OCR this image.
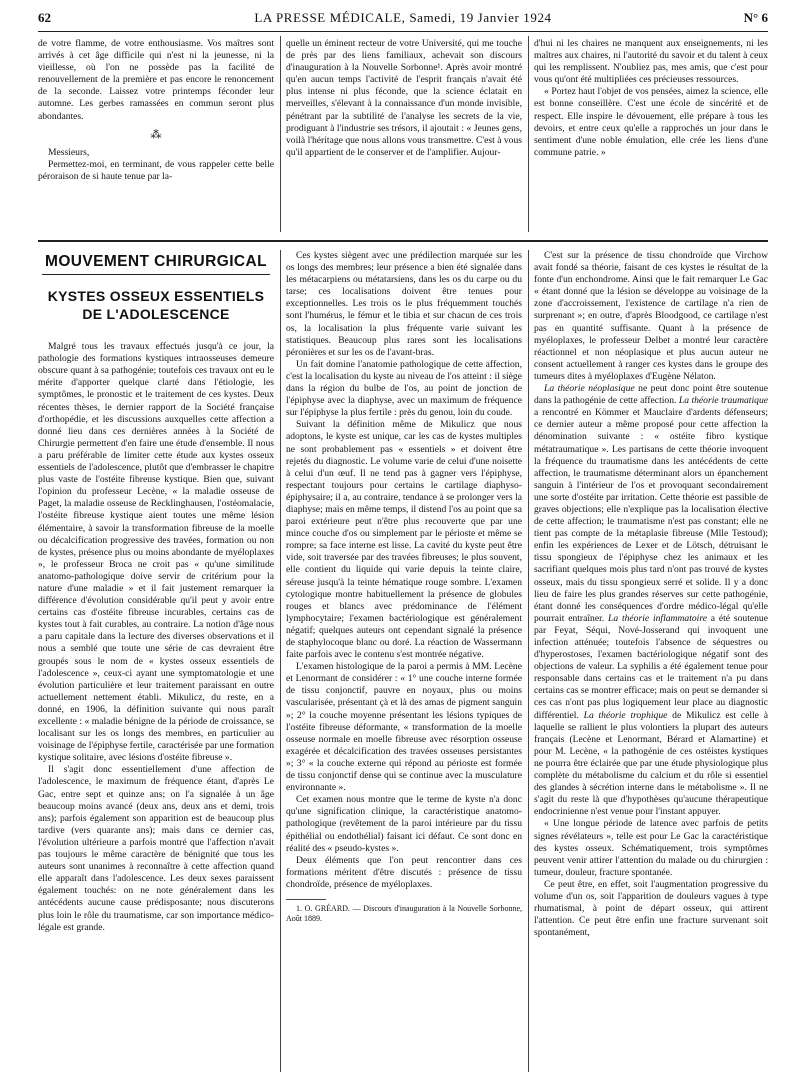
62	LA PRESSE MÉDICALE, Samedi, 19 Janvier 1924	N° 6

de votre flamme, de votre enthousiasme. Vos maîtres sont arrivés à cet âge difficile qui n'est ni la jeunesse, ni la vieillesse, où l'on ne possède pas la facilité de renouvellement de la première et pas encore le renoncement de la seconde. Laissez votre printemps féconder leur automne. Les gerbes ramassées en commun seront plus abondantes.

⁂

Messieurs,

Permettez-moi, en terminant, de vous rappeler cette belle péroraison de si haute tenue par la-

quelle un éminent recteur de votre Université, qui me touche de près par des liens familiaux, achevait son discours d'inauguration à la Nouvelle Sorbonne¹. Après avoir montré qu'en aucun temps l'activité de l'esprit français n'avait été plus intense ni plus féconde, que la science éclatait en merveilles, s'élevant à la connaissance d'un monde invisible, pénétrant par la subtilité de l'analyse les secrets de la vie, prodiguant à l'industrie ses trésors, il ajoutait : « Jeunes gens, voilà l'héritage que nous allons vous transmettre. C'est à vous qu'il appartient de le conserver et de l'amplifier. Aujour-

d'hui ni les chaires ne manquent aux enseignements, ni les maîtres aux chaires, ni l'autorité du savoir et du talent à ceux qui les remplissent. N'oubliez pas, mes amis, que c'est pour vous qu'ont été multipliées ces précieuses ressources.

« Portez haut l'objet de vos pensées, aimez la science, elle est bonne conseillère. C'est une école de sincérité et de respect. Elle inspire le dévouement, elle prépare à tous les devoirs, et entre ceux qu'elle a rapprochés un jour dans le sentiment d'une noble émulation, elle crée les liens d'une commune patrie. »

MOUVEMENT CHIRURGICAL
KYSTES OSSEUX ESSENTIELS
DE L'ADOLESCENCE

Malgré tous les travaux effectués jusqu'à ce jour, la pathologie des formations kystiques intraosseuses demeure obscure quant à sa pathogénie; toutefois ces travaux ont eu le mérite d'apporter quelque clarté dans l'étiologie, les symptômes, le pronostic et le traitement de ces kystes. Deux récentes thèses, le dernier rapport de la Société française d'orthopédie, et les discussions auxquelles cette affection a donné lieu dans ces dernières années à la Société de Chirurgie permettent d'en faire une étude d'ensemble. Il nous a paru préférable de limiter cette étude aux kystes osseux essentiels de l'adolescence, plutôt que d'embrasser le chapitre plus vaste de l'ostéite fibreuse kystique. Bien que, suivant l'opinion du professeur Lecène, « la maladie osseuse de Paget, la maladie osseuse de Recklinghausen, l'ostéomalacie, l'ostéite fibreuse kystique aient toutes une même lésion élémentaire, à savoir la transformation fibreuse de la moelle ou décalcification progressive des travées, formation ou non de kystes, présence plus ou moins abondante de myéloplaxes », le professeur Broca ne croit pas « qu'une similitude anatomo-pathologique doive servir de critérium pour la nature d'une maladie » et il fait justement remarquer la différence d'évolution considérable qu'il peut y avoir entre certains cas d'ostéite fibreuse incurables, certains cas de kystes tout à fait curables, au contraire. La notion d'âge nous a paru capitale dans la lecture des diverses observations et il nous a semblé que toute une série de cas devraient être groupés sous le nom de « kystes osseux essentiels de l'adolescence », ceux-ci ayant une symptomatologie et une évolution particulière et leur traitement paraissant en outre actuellement nettement établi. Mikulicz, du reste, en a donné, en 1906, la définition suivante qui nous paraît excellente : « maladie bénigne de la période de croissance, se localisant sur les os longs des membres, en particulier au voisinage de l'épiphyse fertile, caractérisée par une formation kystique solitaire, avec lésions d'ostéite fibreuse ».

Il s'agit donc essentiellement d'une affection de l'adolescence, le maximum de fréquence étant, d'après Le Gac, entre sept et quinze ans; on l'a signalée à un âge beaucoup moins avancé (deux ans, deux ans et demi, trois ans); parfois également son apparition est de beaucoup plus tardive (vers quarante ans); mais dans ce dernier cas, l'évolution ultérieure a parfois montré que l'affection n'avait pas toujours le même caractère de bénignité que tous les auteurs sont unanimes à reconnaître à cette affection quand elle apparaît dans l'adolescence. Les deux sexes paraissent également touchés: on ne note généralement dans les antécédents aucune cause prédisposante; nous discuterons plus loin le rôle du traumatisme, car son importance médico-légale est grande.

Ces kystes siègent avec une prédilection marquée sur les os longs des membres; leur présence a bien été signalée dans les métacarpiens ou métatarsiens, dans les os du carpe ou du tarse; ces localisations doivent être tenues pour exceptionnelles. Les trois os le plus fréquemment touchés sont l'humérus, le fémur et le tibia et sur chacun de ces trois os, la localisation la plus fréquente varie suivant les statistiques. Beaucoup plus rares sont les localisations péronières et sur les os de l'avant-bras.

Un fait domine l'anatomie pathologique de cette affection, c'est la localisation du kyste au niveau de l'os atteint : il siège dans la région du bulbe de l'os, au point de jonction de l'épiphyse avec la diaphyse, avec un maximum de fréquence sur l'épiphyse la plus fertile : près du genou, loin du coude.

Suivant la définition même de Mikulicz que nous adoptons, le kyste est unique, car les cas de kystes multiples ne sont probablement pas « essentiels » et doivent être rejetés du diagnostic. Le volume varie de celui d'une noisette à celui d'un œuf. Il ne tend pas à gagner vers l'épiphyse, respectant toujours pour certains le cartilage diaphyso-épiphysaire; il a, au contraire, tendance à se prolonger vers la diaphyse; mais en même temps, il distend l'os au point que sa paroi extérieure peut n'être plus recouverte que par une mince couche d'os ou simplement par le périoste et même se rompre; sa face interne est lisse. La cavité du kyste peut être vide, soit traversée par des travées fibreuses; le plus souvent, elle contient du liquide qui varie depuis la teinte claire, séreuse jusqu'à la teinte hématique rouge sombre. L'examen cytologique montre habituellement la présence de globules rouges et blancs avec prédominance de l'élément lymphocytaire; l'examen bactériologique est généralement négatif; quelques auteurs ont cependant signalé la présence de staphylocoque blanc ou doré. La réaction de Wassermann faite parfois avec le contenu s'est montrée négative.

L'examen histologique de la paroi a permis à MM. Lecène et Lenormant de considérer : « 1° une couche interne formée de tissu conjonctif, pauvre en noyaux, plus ou moins vascularisée, présentant çà et là des amas de pigment sanguin »; 2° la couche moyenne présentant les lésions typiques de l'ostéite fibreuse déformante, « transformation de la moelle osseuse normale en moelle fibreuse avec résorption osseuse exagérée et décalcification des travées osseuses persistantes »; 3° « la couche externe qui répond au périoste est formée de tissu conjonctif dense qui se continue avec la musculature environnante ».

Cet examen nous montre que le terme de kyste n'a donc qu'une signification clinique, la caractéristique anatomo-pathologique (revêtement de la paroi intérieure par du tissu épithélial ou endothélial) faisant ici défaut. Ce sont donc en réalité des « pseudo-kystes ».

Deux éléments que l'on peut rencontrer dans ces formations méritent d'être discutés : présence de tissu chondroïde, présence de myéloplaxes.

1. O. GRÉARD. — Discours d'inauguration à la Nouvelle Sorbonne, Août 1889.

C'est sur la présence de tissu chondroïde que Virchow avait fondé sa théorie, faisant de ces kystes le résultat de la fonte d'un enchondrome. Ainsi que le fait remarquer Le Gac « étant donné que la lésion se développe au voisinage de la zone d'accroissement, l'existence de cartilage n'a rien de surprenant »; en outre, d'après Bloodgood, ce cartilage n'est pas en quantité suffisante. Quant à la présence de myéloplaxes, le professeur Delbet a montré leur caractère réactionnel et non néoplasique et plus aucun auteur ne consent actuellement à ranger ces kystes dans le groupe des tumeurs dites à myéloplaxes d'Eugène Nélaton.

La théorie néoplasique ne peut donc point être soutenue dans la pathogénie de cette affection. La théorie traumatique a rencontré en Kömmer et Mauclaire d'ardents défenseurs; ce dernier auteur a même proposé pour cette affection la dénomination suivante : « ostéite fibro kystique métatraumatique ». Les partisans de cette théorie invoquent la fréquence du traumatisme dans les antécédents de cette affection, le traumatisme déterminant alors un épanchement sanguin à l'intérieur de l'os et provoquant secondairement une sorte d'ostéite par irritation. Cette théorie est passible de graves objections; elle n'explique pas la localisation élective de cette affection; le traumatisme n'est pas constant; elle ne tient pas compte de la métaplasie fibreuse (Mlle Testoud); enfin les expériences de Lexer et de Lötsch, détruisant le tissu spongieux de l'épiphyse chez les animaux et les sacrifiant quelques mois plus tard n'ont pas trouvé de kystes osseux, mais du tissu spongieux serré et solide. Il y a donc lieu de faire les plus grandes réserves sur cette pathogénie, étant donné les conséquences d'ordre médico-légal qu'elle pourrait entraîner. La théorie inflammatoire a été soutenue par Feyat, Séqui, Nové-Josserand qui invoquent une infection atténuée; toutefois l'absence de séquestres ou d'hyperostoses, l'examen bactériologique négatif sont des objections de valeur. La syphilis a été également tenue pour responsable dans certains cas et le traitement n'a pu dans certains cas se montrer efficace; mais on peut se demander si ces cas n'ont pas plus logiquement leur place au diagnostic différentiel. La théorie trophique de Mikulicz est celle à laquelle se rallient le plus volontiers la plupart des auteurs français (Lecène et Lenormant, Bérard et Alamartine) et pour M. Lecène, « la pathogénie de ces ostéistes kystiques ne pourra être éclairée que par une étude physiologique plus complète du métabolisme du calcium et du rôle si essentiel des glandes à sécrétion interne dans le métabolisme ». Il ne s'agit du reste là que d'hypothèses qu'aucune thérapeutique endocrinienne n'est venue pour l'instant appuyer.

« Une longue période de latence avec parfois de petits signes révélateurs », telle est pour Le Gac la caractéristique des kystes osseux. Schématiquement, trois symptômes peuvent venir attirer l'attention du malade ou du chirurgien : tumeur, douleur, fracture spontanée.

Ce peut être, en effet, soit l'augmentation progressive du volume d'un os, soit l'apparition de douleurs vagues à type rhumatismal, à point de départ osseux, qui attirent l'attention. Ce peut être enfin une fracture survenant soit spontanément,
